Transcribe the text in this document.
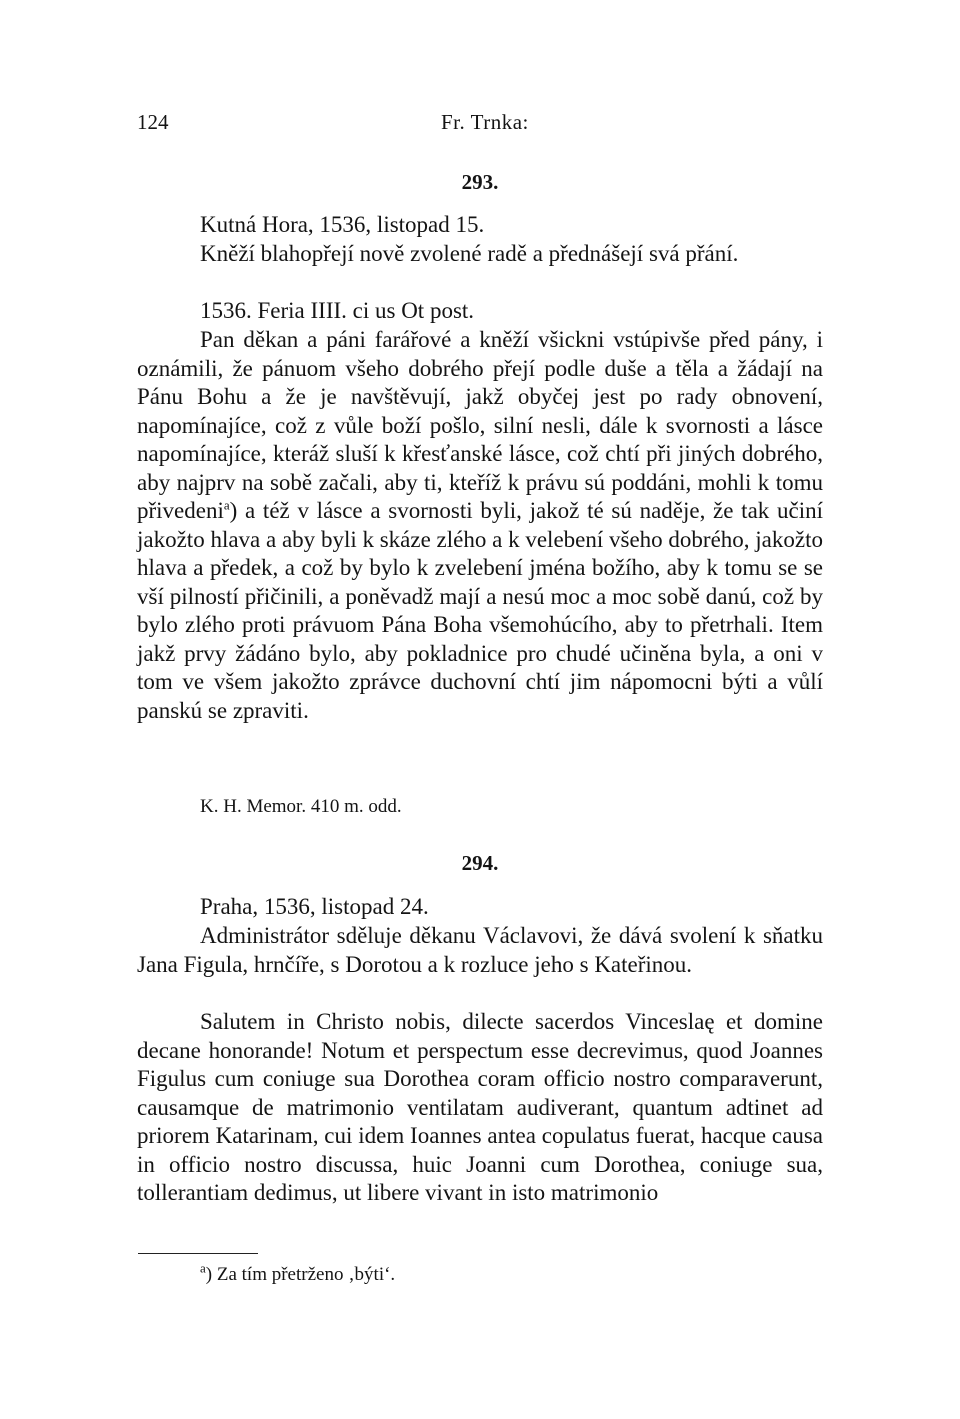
124	Fr. Trnka:
293.

Kutná Hora, 1536, listopad 15.

Kněží blahopřejí nově zvolené radě a přednášejí svá přání.

1536. Feria IIII. ci us Ot post.

Pan děkan a páni farářové a kněží všickni vstúpivše před pány, i oznámili, že pánuom všeho dobrého přejí podle duše a těla a žádají na Pánu Bohu a že je navštěvují, jakž obyčej jest po rady obnovení, napomínajíce, což z vůle boží pošlo, silní nesli, dále k svornosti a lásce napomínajíce, kteráž sluší k křesťanské lásce, což chtí při jiných dobrého, aby najprv na sobě začali, aby ti, kteříž k právu sú poddáni, mohli k tomu přivedeni$^a$) a též v lásce a svornosti byli, jakož té sú naděje, že tak učiní jakožto hlava a aby byli k skáze zlého a k velebení všeho dobrého, jakožto hlava a předek, a což by bylo k zvelebení jména božího, aby k tomu se se vší pilností přičinili, a poněvadž mají a nesú moc a moc sobě danú, což by bylo zlého proti právuom Pána Boha všemohúcího, aby to přetrhali. Item jakž prvy žádáno bylo, aby pokladnice pro chudé učiněna byla, a oni v tom ve všem jakožto zprávce duchovní chtí jim nápomocni býti a vůlí panskú se zpraviti.

K. H. Memor. 410 m. odd.
294.

Praha, 1536, listopad 24.

Administrátor sděluje děkanu Václavovi, že dává svolení k sňatku Jana Figula, hrnčíře, s Dorotou a k rozluce jeho s Kateřinou.

Salutem in Christo nobis, dilecte sacerdos Vinceslaę et domine decane honorande! Notum et perspectum esse decrevimus, quod Joannes Figulus cum coniuge sua Dorothea coram officio nostro comparaverunt, causamque de matrimonio ventilatam audiverant, quantum adtinet ad priorem Katarinam, cui idem Ioannes antea copulatus fuerat, hacque causa in officio nostro discussa, huic Joanni cum Dorothea, coniuge sua, tollerantiam dedimus, ut libere vivant in isto matrimonio

$^a$) Za tím přetrženo ‚býti‘.
